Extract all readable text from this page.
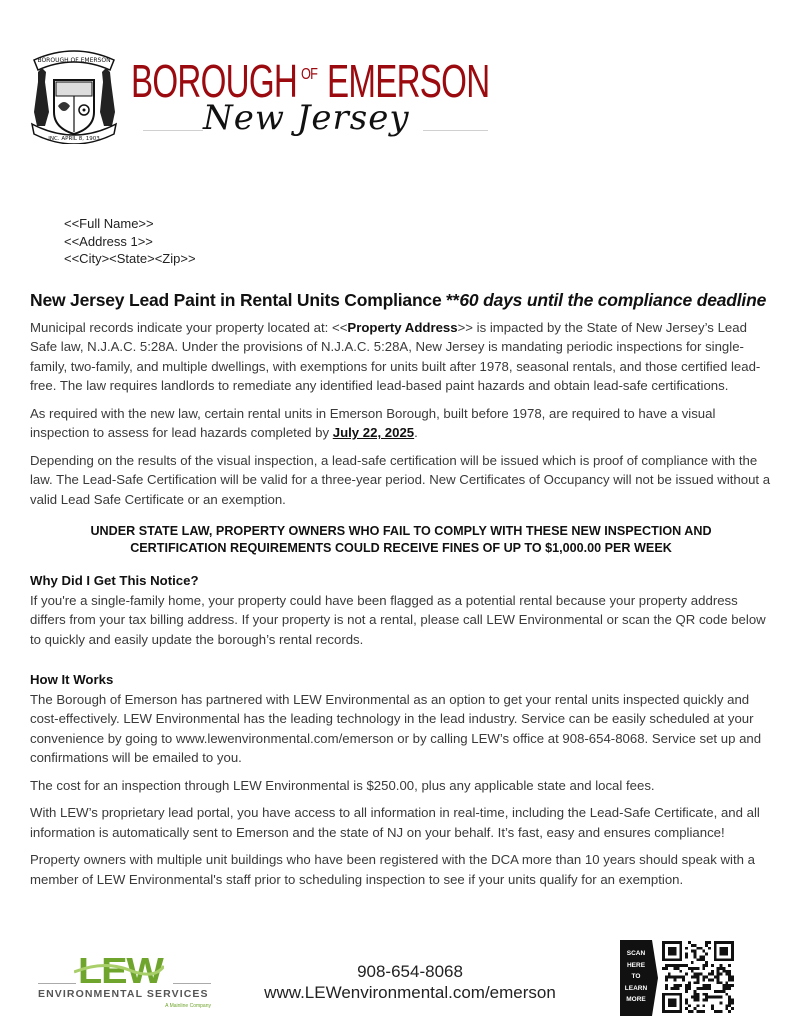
BOROUGH OF EMERSON
INC. APRIL 8, 1903
BOROUGH OF EMERSON
New Jersey
<<Full Name>>
<<Address 1>>
<<City><State><Zip>>
New Jersey Lead Paint in Rental Units Compliance **60 days until the compliance deadline

Municipal records indicate your property located at: <<Property Address>> is impacted by the State of New Jersey’s Lead Safe law, N.J.A.C. 5:28A. Under the provisions of N.J.A.C. 5:28A, New Jersey is mandating periodic inspections for single-family, two-family, and multiple dwellings, with exemptions for units built after 1978, seasonal rentals, and those certified lead-free. The law requires landlords to remediate any identified lead-based paint hazards and obtain lead-safe certifications.

As required with the new law, certain rental units in Emerson Borough, built before 1978, are required to have a visual inspection to assess for lead hazards completed by July 22, 2025.

Depending on the results of the visual inspection, a lead-safe certification will be issued which is proof of compliance with the law. The Lead-Safe Certification will be valid for a three-year period. New Certificates of Occupancy will not be issued without a valid Lead Safe Certificate or an exemption.

UNDER STATE LAW, PROPERTY OWNERS WHO FAIL TO COMPLY WITH THESE NEW INSPECTION AND
CERTIFICATION REQUIREMENTS COULD RECEIVE FINES OF UP TO $1,000.00 PER WEEK
Why Did I Get This Notice?

If you're a single-family home, your property could have been flagged as a potential rental because your property address differs from your tax billing address. If your property is not a rental, please call LEW Environmental or scan the QR code below to quickly and easily update the borough’s rental records.

How It Works

The Borough of Emerson has partnered with LEW Environmental as an option to get your rental units inspected quickly and cost-effectively. LEW Environmental has the leading technology in the lead industry. Service can be easily scheduled at your convenience by going to www.lewenvironmental.com/emerson or by calling LEW’s office at 908-654-8068. Service set up and confirmations will be emailed to you.

The cost for an inspection through LEW Environmental is $250.00, plus any applicable state and local fees.

With LEW’s proprietary lead portal, you have access to all information in real-time, including the Lead-Safe Certificate, and all information is automatically sent to Emerson and the state of NJ on your behalf. It’s fast, easy and ensures compliance!

Property owners with multiple unit buildings who have been registered with the DCA more than 10 years should speak with a member of LEW Environmental's staff prior to scheduling inspection to see if your units qualify for an exemption.

LEW
ENVIRONMENTAL SERVICES
A Mainline Company
908-654-8068
www.LEWenvironmental.com/emerson
SCAN
HERE
TO
LEARN
MORE
